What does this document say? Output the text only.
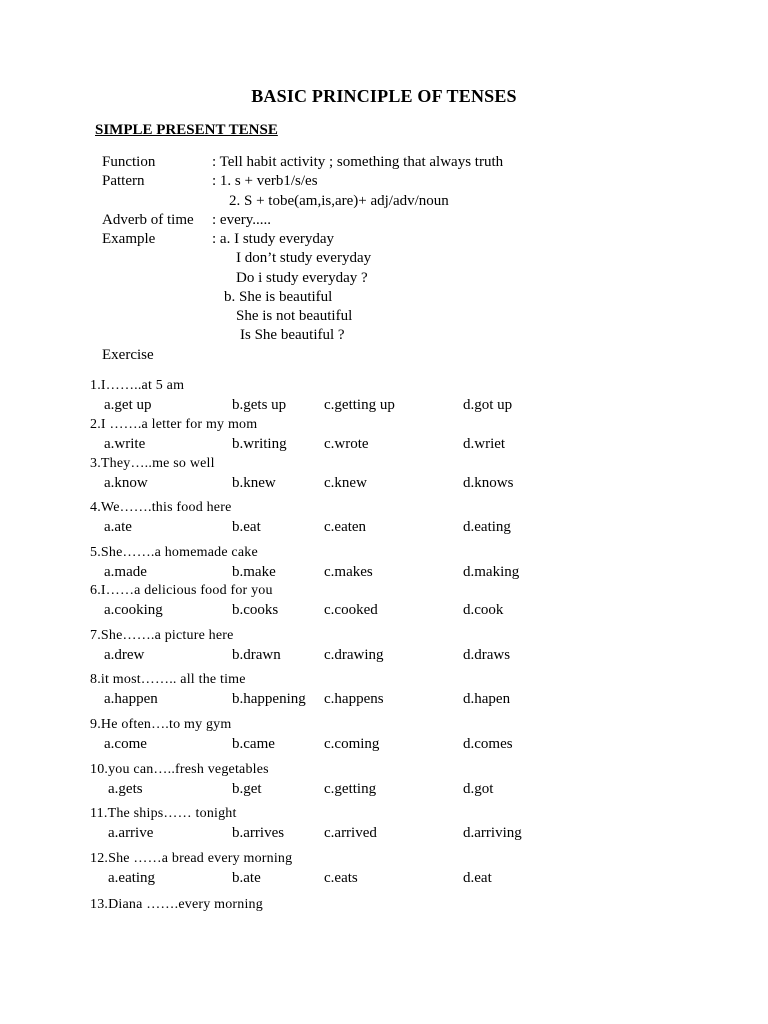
BASIC PRINCIPLE OF TENSES
SIMPLE PRESENT TENSE
Function	: Tell habit activity ; something that always truth
Pattern	: 1. s + verb1/s/es
2. S + tobe(am,is,are)+ adj/adv/noun
Adverb of time : every.....
Example	: a. I study everyday
I don’t study everyday
Do i study everyday ?
b. She is beautiful
She is not beautiful
Is She beautiful ?
Exercise
1.I……..at 5 am
a.get up	b.gets up	c.getting up	d.got up
2.I …….a letter for my mom
a.write	b.writing c.wrote	d.wriet
3.They…..me so well
a.know	b.knew	c.knew	d.knows
4.We…….this food here
a.ate	b.eat	c.eaten	d.eating
5.She…….a homemade cake
a.made	b.make	c.makes	d.making
6.I……a delicious food for you
a.cooking	b.cooks	c.cooked	d.cook
7.She…….a picture here
a.drew	b.drawn	c.drawing	d.draws
8.it most…….. all the time
a.happen	b.happening c.happens	d.hapen
9.He often….to my gym
a.come	b.came	c.coming	d.comes
10.you can…..fresh vegetables
a.gets	b.get	c.getting	d.got
11.The ships…… tonight
a.arrive	b.arrives	c.arrived	d.arriving
12.She ……a bread every morning
a.eating	b.ate	c.eats	d.eat
13.Diana …….every morning
